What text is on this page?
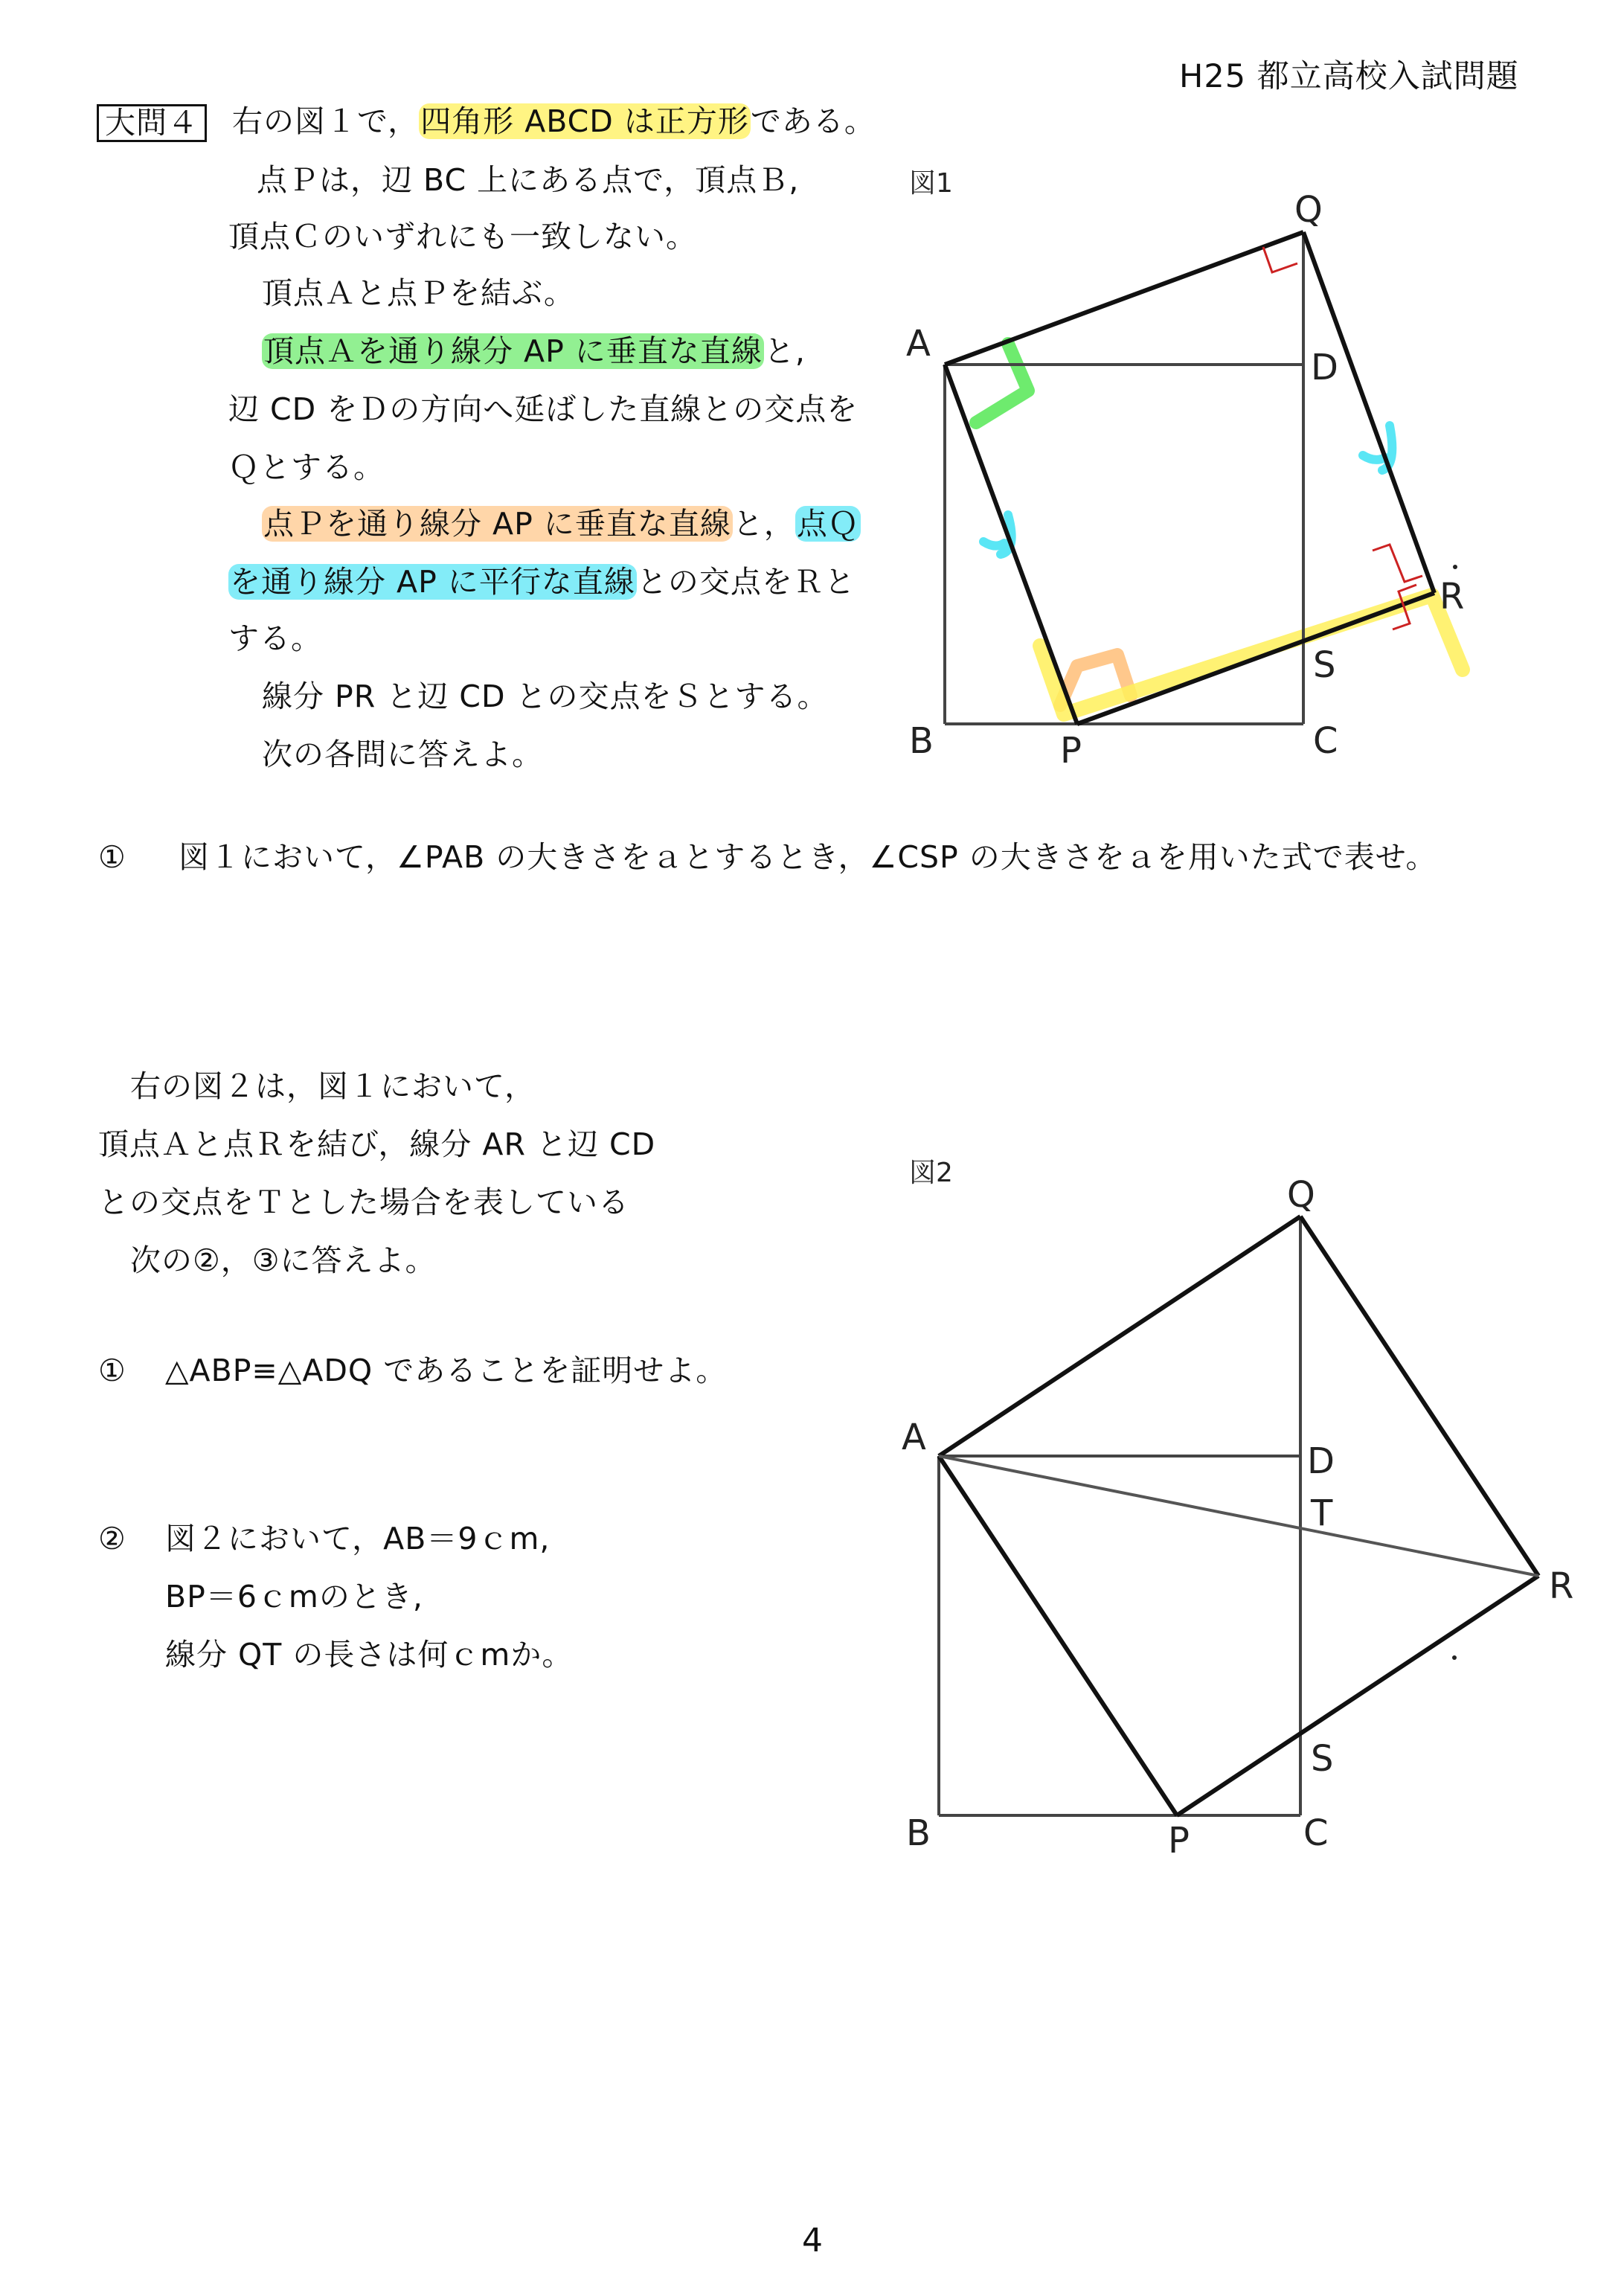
H25 都立高校入試問題
大問４ 右の図１で，四角形 ABCD は正方形である。
点Ｐは，辺 BC 上にある点で，頂点Ｂ,
頂点Ｃのいずれにも一致しない。
頂点Ａと点Ｐを結ぶ。
頂点Ａを通り線分 AP に垂直な直線と,
辺 CD をＤの方向へ延ばした直線との交点を
Ｑとする。
点Ｐを通り線分 AP に垂直な直線と，点Ｑ
を通り線分 AP に平行な直線との交点をＲと
する。
線分 PR と辺 CD との交点をＳとする。
次の各問に答えよ。
① 図１において，∠PAB の大きさをａとするとき，∠CSP の大きさをａを用いた式で表せ。
右の図２は，図１において，
頂点Ａと点Ｒを結び，線分 AR と辺 CD
との交点をＴとした場合を表している
次の②，③に答えよ。
① △ABP≡△ADQ であることを証明せよ。
② 図２において，AB＝9ｃm,
BP＝6ｃmのとき,
線分 QT の長さは何ｃmか。
4
図1
A
B	C
D
P
Q
R
S
図2
A
B	C
D
P
Q
R
S
T
